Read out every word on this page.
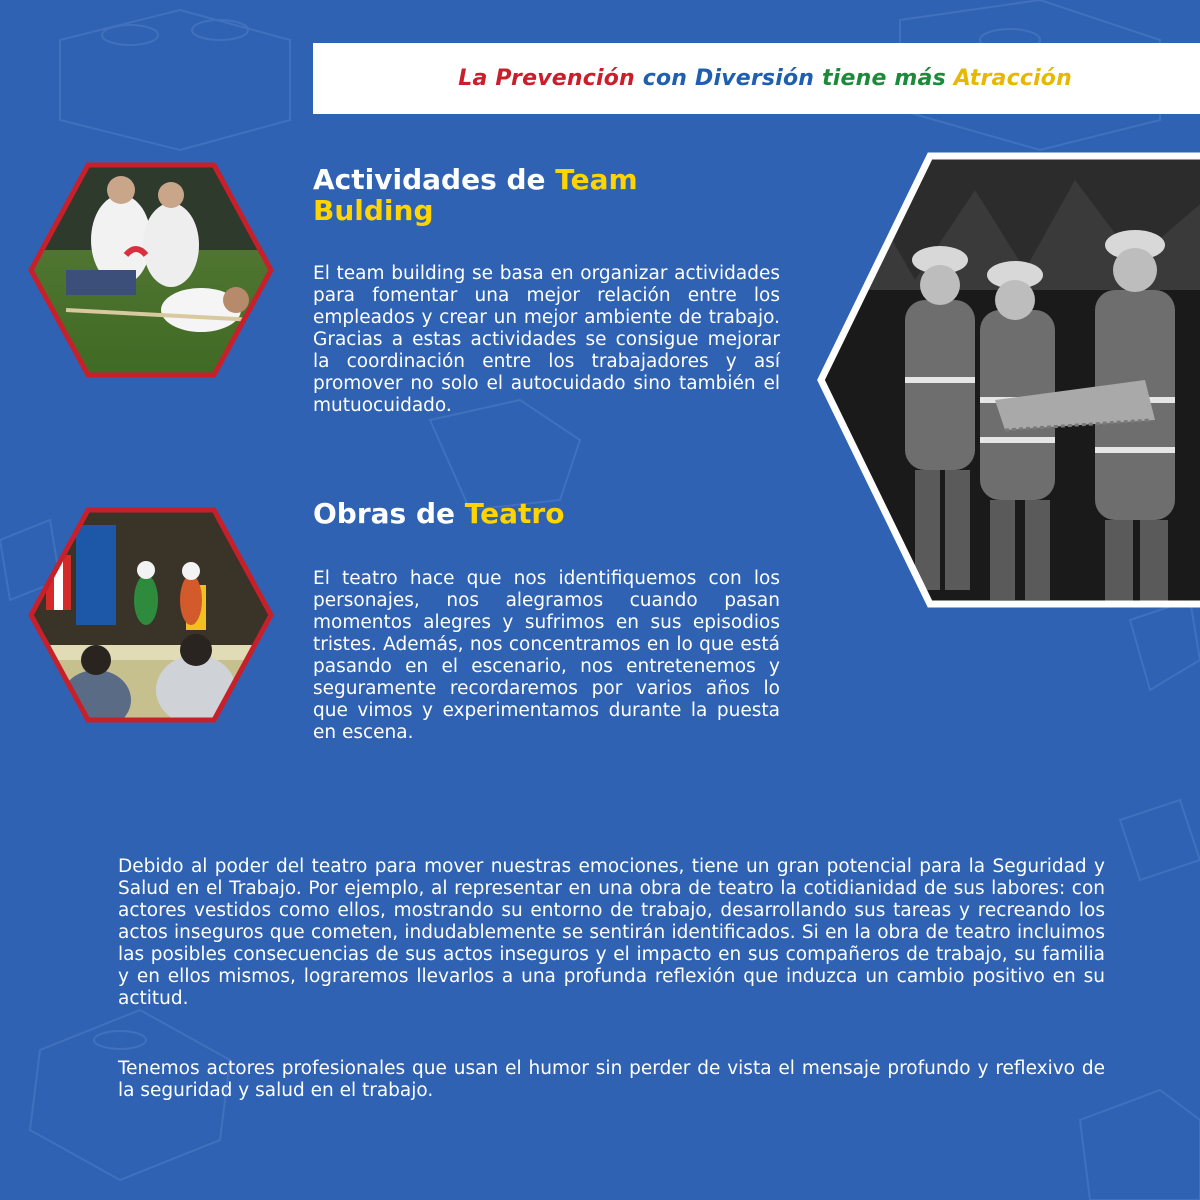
La Prevención con Diversión tiene más Atracción
Actividades de Team
Bulding

El team building se basa en organizar actividades para fomentar una mejor relación entre los empleados y crear un mejor ambiente de trabajo. Gracias a estas actividades se consigue mejorar la coordinación entre los trabajadores y así promover no solo el autocuidado sino también el mutuocuidado.

Obras de Teatro

El teatro hace que nos identifiquemos con los personajes, nos alegramos cuando pasan momentos alegres y sufrimos en sus episodios tristes. Además, nos concentramos en lo que está pasando en el escenario, nos entretenemos y seguramente recordaremos por varios años lo que vimos y experimentamos durante la puesta en escena.

Debido al poder del teatro para mover nuestras emociones, tiene un gran potencial para la Seguridad y Salud en el Trabajo. Por ejemplo, al representar en una obra de teatro la cotidianidad de sus labores: con actores vestidos como ellos, mostrando su entorno de trabajo, desarrollando sus tareas y recreando los actos inseguros que cometen, indudablemente se sentirán identificados. Si en la obra de teatro incluimos las posibles consecuencias de sus actos inseguros y el impacto en sus compañeros de trabajo, su familia y en ellos mismos, lograremos llevarlos a una profunda reflexión que induzca un cambio positivo en su actitud.

Tenemos actores profesionales que usan el humor sin perder de vista el mensaje profundo y reflexivo de la seguridad y salud en el trabajo.
